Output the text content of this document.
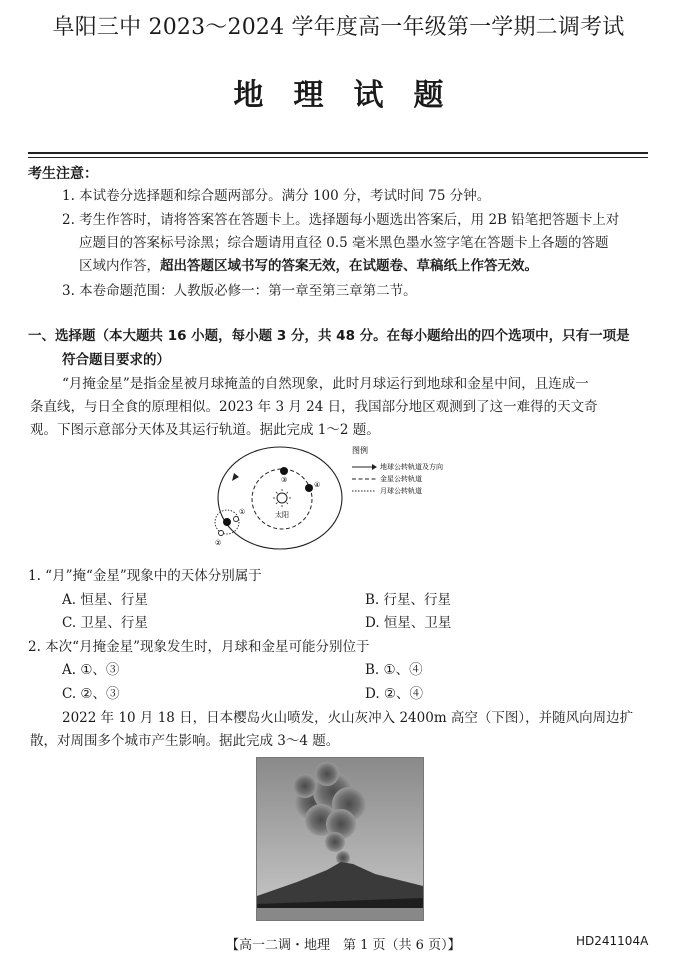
阜阳三中 2023～2024 学年度高一年级第一学期二调考试
地理试题
考生注意：
1. 本试卷分选择题和综合题两部分。满分 100 分，考试时间 75 分钟。
2. 考生作答时，请将答案答在答题卡上。选择题每小题选出答案后，用 2B 铅笔把答题卡上对
应题目的答案标号涂黑；综合题请用直径 0.5 毫米黑色墨水签字笔在答题卡上各题的答题
区域内作答，超出答题区域书写的答案无效，在试题卷、草稿纸上作答无效。
3. 本卷命题范围：人教版必修一：第一章至第三章第二节。
一、选择题（本大题共 16 小题，每小题 3 分，共 48 分。在每小题给出的四个选项中，只有一项是
符合题目要求的）
“月掩金星”是指金星被月球掩盖的自然现象，此时月球运行到地球和金星中间，且连成一
条直线，与日全食的原理相似。2023 年 3 月 24 日，我国部分地区观测到了这一难得的天文奇
观。下图示意部分天体及其运行轨道。据此完成 1～2 题。
太阳
③
④
①
②
图例
地球公转轨道及方向
金星公转轨道
月球公转轨道
1. “月”掩“金星”现象中的天体分别属于
A. 恒星、行星	B. 行星、行星
C. 卫星、行星	D. 恒星、卫星
2. 本次“月掩金星”现象发生时，月球和金星可能分别位于
A. ①、③	B. ①、④
C. ②、③	D. ②、④
2022 年 10 月 18 日，日本樱岛火山喷发，火山灰冲入 2400m 高空（下图），并随风向周边扩
散，对周围多个城市产生影响。据此完成 3～4 题。
【高一二调・地理　第 1 页（共 6 页）】	HD241104A
